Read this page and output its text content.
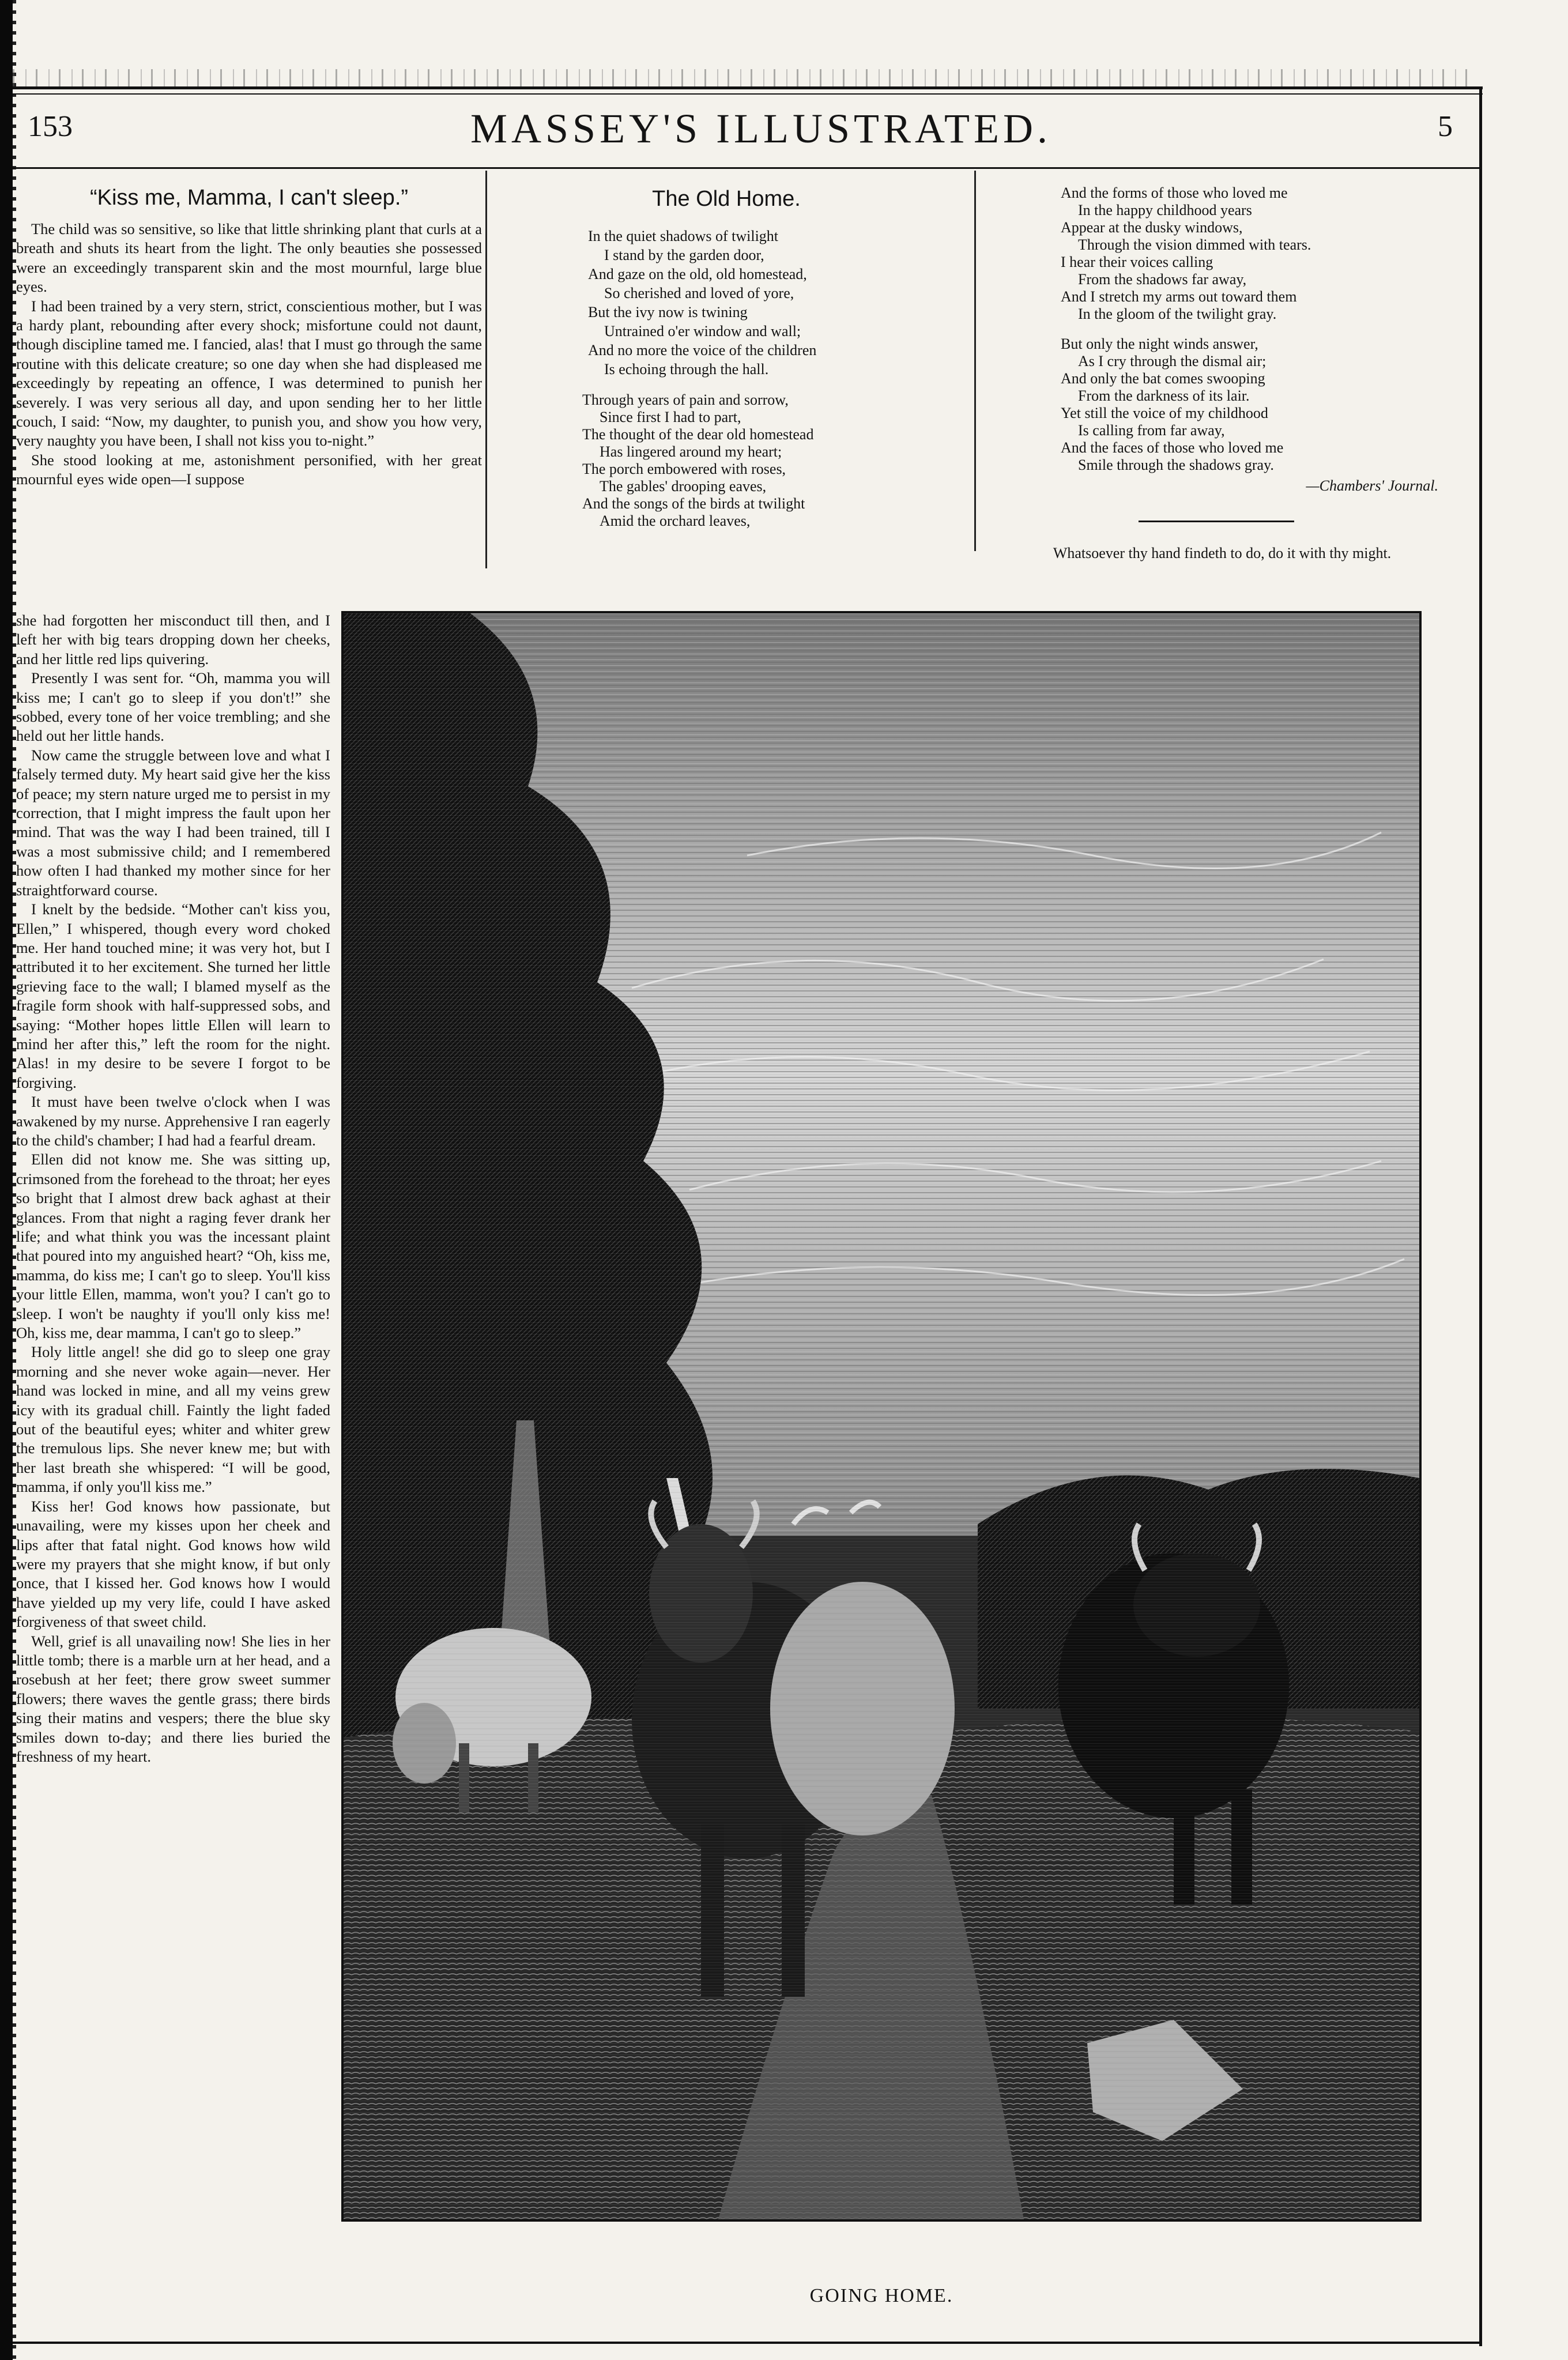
153	MASSEY'S ILLUSTRATED.	5
“Kiss me, Mamma, I can't sleep.”

The child was so sensitive, so like that little shrinking plant that curls at a breath and shuts its heart from the light. The only beauties she possessed were an exceedingly transparent skin and the most mournful, large blue eyes.

I had been trained by a very stern, strict, conscientious mother, but I was a hardy plant, rebounding after every shock; misfortune could not daunt, though discipline tamed me. I fancied, alas! that I must go through the same routine with this delicate creature; so one day when she had displeased me exceedingly by repeating an offence, I was determined to punish her severely. I was very serious all day, and upon sending her to her little couch, I said: “Now, my daughter, to punish you, and show you how very, very naughty you have been, I shall not kiss you to-night.”

She stood looking at me, astonishment personified, with her great mournful eyes wide open—I suppose

she had forgotten her misconduct till then, and I left her with big tears dropping down her cheeks, and her little red lips quivering.

Presently I was sent for. “Oh, mamma you will kiss me; I can't go to sleep if you don't!” she sobbed, every tone of her voice trembling; and she held out her little hands.

Now came the struggle between love and what I falsely termed duty. My heart said give her the kiss of peace; my stern nature urged me to persist in my correction, that I might impress the fault upon her mind. That was the way I had been trained, till I was a most submissive child; and I remembered how often I had thanked my mother since for her straightforward course.

I knelt by the bedside. “Mother can't kiss you, Ellen,” I whispered, though every word choked me. Her hand touched mine; it was very hot, but I attributed it to her excitement. She turned her little grieving face to the wall; I blamed myself as the fragile form shook with half-suppressed sobs, and saying: “Mother hopes little Ellen will learn to mind her after this,” left the room for the night. Alas! in my desire to be severe I forgot to be forgiving.

It must have been twelve o'clock when I was awakened by my nurse. Apprehensive I ran eagerly to the child's chamber; I had had a fearful dream.

Ellen did not know me. She was sitting up, crimsoned from the forehead to the throat; her eyes so bright that I almost drew back aghast at their glances. From that night a raging fever drank her life; and what think you was the incessant plaint that poured into my anguished heart? “Oh, kiss me, mamma, do kiss me; I can't go to sleep. You'll kiss your little Ellen, mamma, won't you? I can't go to sleep. I won't be naughty if you'll only kiss me! Oh, kiss me, dear mamma, I can't go to sleep.”

Holy little angel! she did go to sleep one gray morning and she never woke again—never. Her hand was locked in mine, and all my veins grew icy with its gradual chill. Faintly the light faded out of the beautiful eyes; whiter and whiter grew the tremulous lips. She never knew me; but with her last breath she whispered: “I will be good, mamma, if only you'll kiss me.”

Kiss her! God knows how passionate, but unavailing, were my kisses upon her cheek and lips after that fatal night. God knows how wild were my prayers that she might know, if but only once, that I kissed her. God knows how I would have yielded up my very life, could I have asked forgiveness of that sweet child.

Well, grief is all unavailing now! She lies in her little tomb; there is a marble urn at her head, and a rosebush at her feet; there grow sweet summer flowers; there waves the gentle grass; there birds sing their matins and vespers; there the blue sky smiles down to-day; and there lies buried the freshness of my heart.

The Old Home.
In the quiet shadows of twilight
I stand by the garden door,
And gaze on the old, old homestead,
So cherished and loved of yore,
But the ivy now is twining
Untrained o'er window and wall;
And no more the voice of the children
Is echoing through the hall.
Through years of pain and sorrow,
Since first I had to part,
The thought of the dear old homestead
Has lingered around my heart;
The porch embowered with roses,
The gables' drooping eaves,
And the songs of the birds at twilight
Amid the orchard leaves,
And the forms of those who loved me
In the happy childhood years
Appear at the dusky windows,
Through the vision dimmed with tears.
I hear their voices calling
From the shadows far away,
And I stretch my arms out toward them
In the gloom of the twilight gray.
But only the night winds answer,
As I cry through the dismal air;
And only the bat comes swooping
From the darkness of its lair.
Yet still the voice of my childhood
Is calling from far away,
And the faces of those who loved me
Smile through the shadows gray.
—Chambers' Journal.
Whatsoever thy hand findeth to do, do it with thy might.
GOING HOME.
